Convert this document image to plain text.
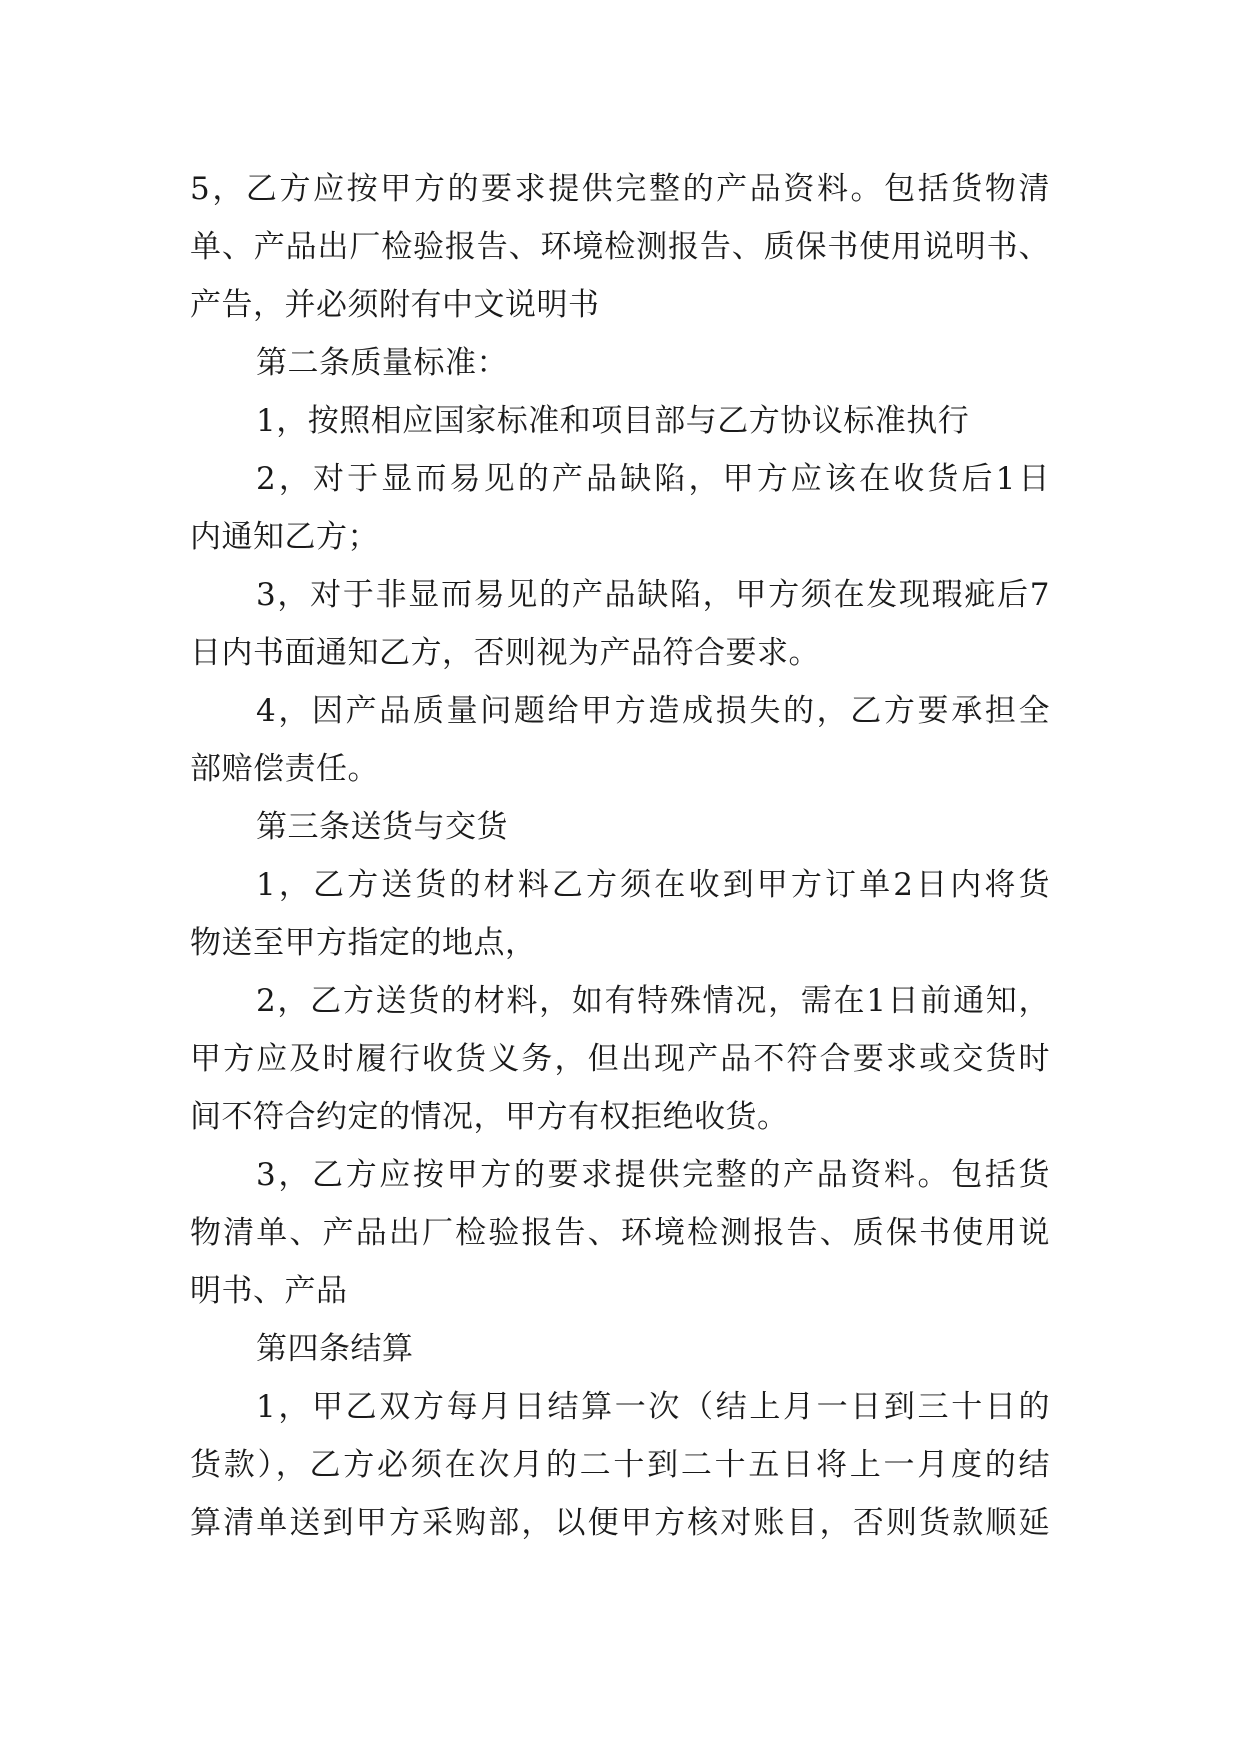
5，乙方应按甲方的要求提供完整的产品资料。包括货物清
单、产品出厂检验报告、环境检测报告、质保书使用说明书、
产告，并必须附有中文说明书
第二条质量标准：
1，按照相应国家标准和项目部与乙方协议标准执行
2，对于显而易见的产品缺陷，甲方应该在收货后1日
内通知乙方；
3，对于非显而易见的产品缺陷，甲方须在发现瑕疵后7
日内书面通知乙方，否则视为产品符合要求。
4，因产品质量问题给甲方造成损失的，乙方要承担全
部赔偿责任。
第三条送货与交货
1，乙方送货的材料乙方须在收到甲方订单2日内将货
物送至甲方指定的地点，
2，乙方送货的材料，如有特殊情况，需在1日前通知，
甲方应及时履行收货义务，但出现产品不符合要求或交货时
间不符合约定的情况，甲方有权拒绝收货。
3，乙方应按甲方的要求提供完整的产品资料。包括货
物清单、产品出厂检验报告、环境检测报告、质保书使用说
明书、产品
第四条结算
1，甲乙双方每月日结算一次（结上月一日到三十日的
货款），乙方必须在次月的二十到二十五日将上一月度的结
算清单送到甲方采购部，以便甲方核对账目，否则货款顺延
